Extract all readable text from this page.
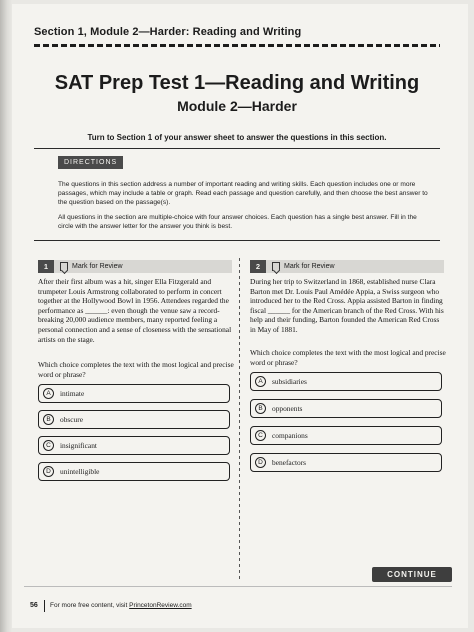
Section 1, Module 2—Harder: Reading and Writing
SAT Prep Test 1—Reading and Writing
Module 2—Harder
Turn to Section 1 of your answer sheet to answer the questions in this section.
DIRECTIONS
The questions in this section address a number of important reading and writing skills. Each question includes one or more passages, which may include a table or graph. Read each passage and question carefully, and then choose the best answer to the question based on the passage(s).
All questions in the section are multiple-choice with four answer choices. Each question has a single best answer. Fill in the circle with the answer letter for the answer you think is best.
1	Mark for Review
After their first album was a hit, singer Ella Fitzgerald and trumpeter Louis Armstrong collaborated to perform in concert together at the Hollywood Bowl in 1956. Attendees regarded the performance as ______: even though the venue saw a record-breaking 20,000 audience members, many reported feeling a personal connection and a sense of closeness with the sensational artists on the stage.
Which choice completes the text with the most logical and precise word or phrase?
A	intimate
B	obscure
C	insignificant
D	unintelligible
2	Mark for Review
During her trip to Switzerland in 1868, established nurse Clara Barton met Dr. Louis Paul Amédée Appia, a Swiss surgeon who introduced her to the Red Cross. Appia assisted Barton in finding fiscal ______ for the American branch of the Red Cross. With his help and their funding, Barton founded the American Red Cross in May of 1881.
Which choice completes the text with the most logical and precise word or phrase?
A	subsidiaries
B	opponents
C	companions
D	benefactors
CONTINUE
56 For more free content, visit PrincetonReview.com
